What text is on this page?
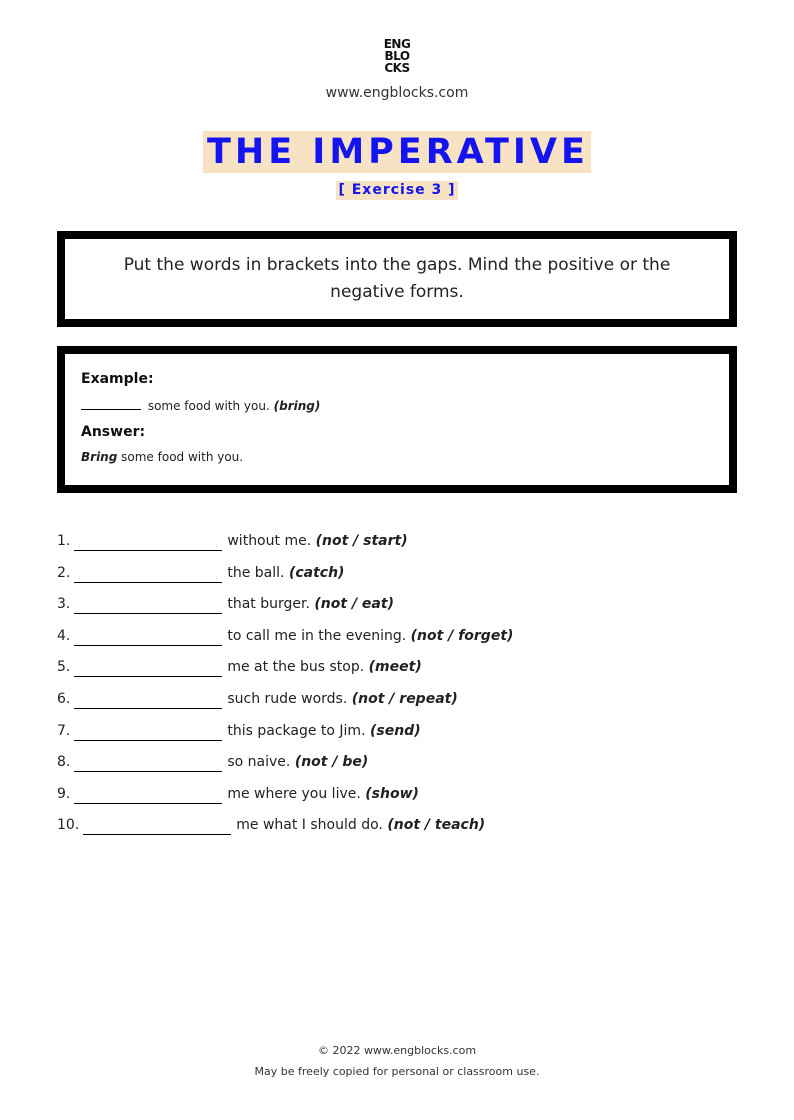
ENG
BLO
CKS
www.engblocks.com
THE IMPERATIVE
[ Exercise 3 ]
Put the words in brackets into the gaps. Mind the positive or the negative forms.
Example:
some food with you. (bring)
Answer:
Bring some food with you.
1.	without me. (not / start)
2.	the ball. (catch)
3.	that burger. (not / eat)
4.	to call me in the evening. (not / forget)
5.	me at the bus stop. (meet)
6.	such rude words. (not / repeat)
7.	this package to Jim. (send)
8.	so naive. (not / be)
9.	me where you live. (show)
10.	me what I should do. (not / teach)
© 2022 www.engblocks.com
May be freely copied for personal or classroom use.
